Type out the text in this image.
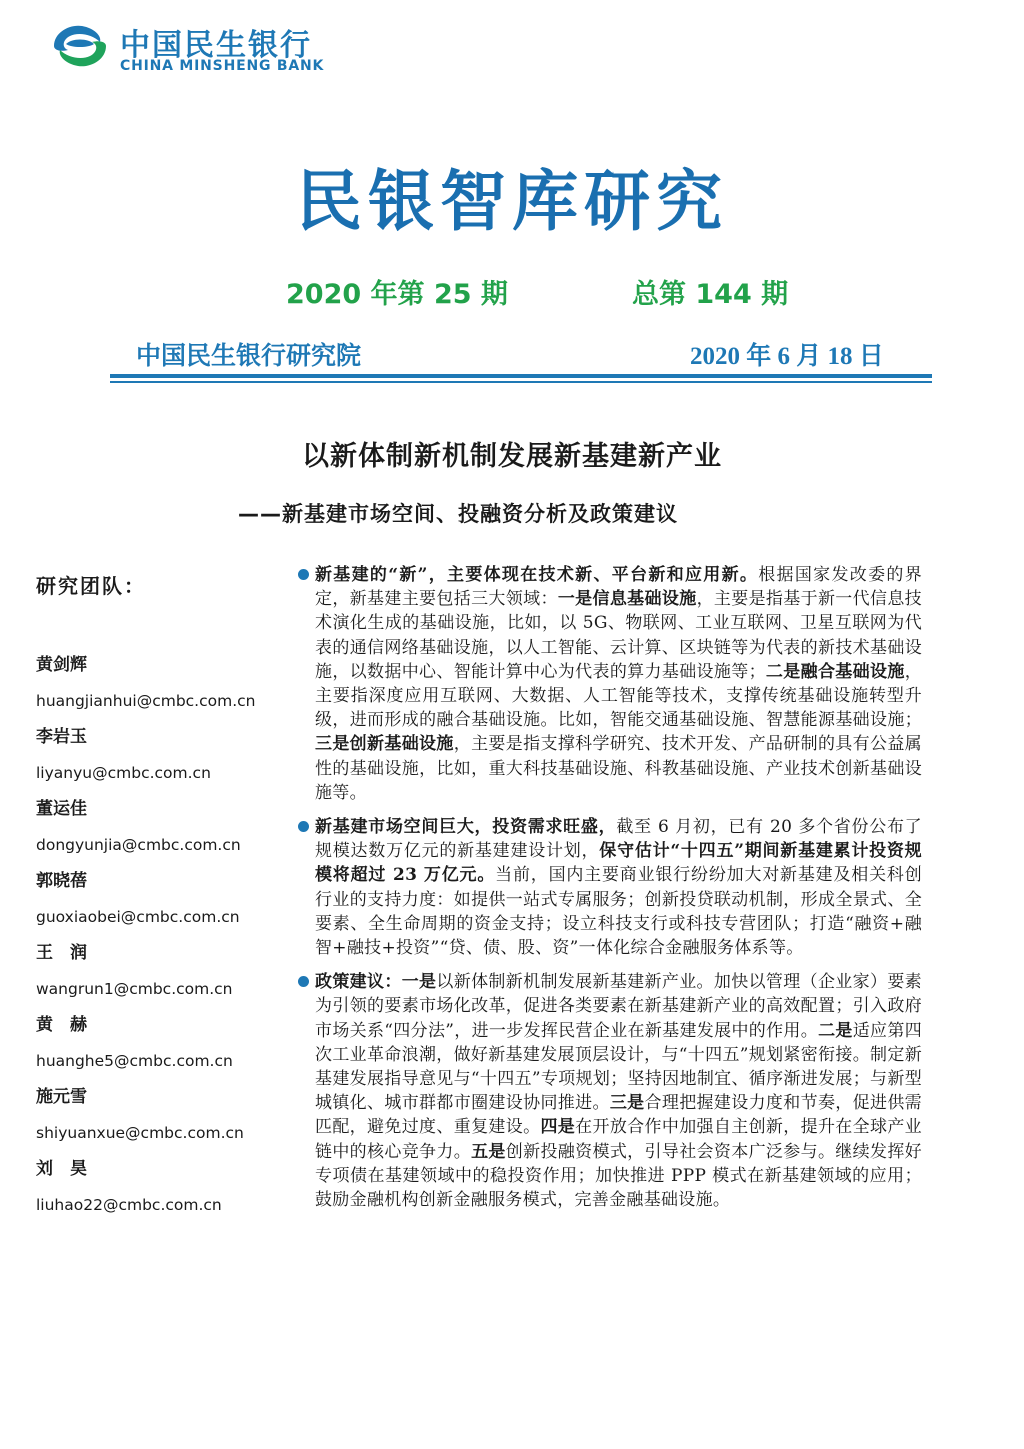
中国民生银行
CHINA MINSHENG BANK
民银智库研究
2020 年第 25 期	总第 144 期
中国民生银行研究院	2020 年 6 月 18 日
以新体制新机制发展新基建新产业
——新基建市场空间、投融资分析及政策建议
研究团队：
黄剑辉
huangjianhui@cmbc.com.cn
李岩玉
liyanyu@cmbc.com.cn
董运佳
dongyunjia@cmbc.com.cn
郭晓蓓
guoxiaobei@cmbc.com.cn
王　润
wangrun1@cmbc.com.cn
黄　赫
huanghe5@cmbc.com.cn
施元雪
shiyuanxue@cmbc.com.cn
刘　昊
liuhao22@cmbc.com.cn

新基建的“新”，主要体现在技术新、平台新和应用新。根据国家发改委的界定，新基建主要包括三大领域：一是信息基础设施，主要是指基于新一代信息技术演化生成的基础设施，比如，以 5G、物联网、工业互联网、卫星互联网为代表的通信网络基础设施，以人工智能、云计算、区块链等为代表的新技术基础设施，以数据中心、智能计算中心为代表的算力基础设施等；二是融合基础设施，主要指深度应用互联网、大数据、人工智能等技术，支撑传统基础设施转型升级，进而形成的融合基础设施。比如，智能交通基础设施、智慧能源基础设施；三是创新基础设施，主要是指支撑科学研究、技术开发、产品研制的具有公益属性的基础设施，比如，重大科技基础设施、科教基础设施、产业技术创新基础设施等。

新基建市场空间巨大，投资需求旺盛，截至 6 月初，已有 20 多个省份公布了规模达数万亿元的新基建建设计划，保守估计“十四五”期间新基建累计投资规模将超过 23 万亿元。当前，国内主要商业银行纷纷加大对新基建及相关科创行业的支持力度：如提供一站式专属服务；创新投贷联动机制，形成全景式、全要素、全生命周期的资金支持；设立科技支行或科技专营团队；打造“融资+融智+融技+投资”“贷、债、股、资”一体化综合金融服务体系等。

政策建议：一是以新体制新机制发展新基建新产业。加快以管理（企业家）要素为引领的要素市场化改革，促进各类要素在新基建新产业的高效配置；引入政府市场关系“四分法”，进一步发挥民营企业在新基建发展中的作用。二是适应第四次工业革命浪潮，做好新基建发展顶层设计，与“十四五”规划紧密衔接。制定新基建发展指导意见与“十四五”专项规划；坚持因地制宜、循序渐进发展；与新型城镇化、城市群都市圈建设协同推进。三是合理把握建设力度和节奏，促进供需匹配，避免过度、重复建设。四是在开放合作中加强自主创新，提升在全球产业链中的核心竞争力。五是创新投融资模式，引导社会资本广泛参与。继续发挥好专项债在基建领域中的稳投资作用；加快推进 PPP 模式在新基建领域的应用；鼓励金融机构创新金融服务模式，完善金融基础设施。
